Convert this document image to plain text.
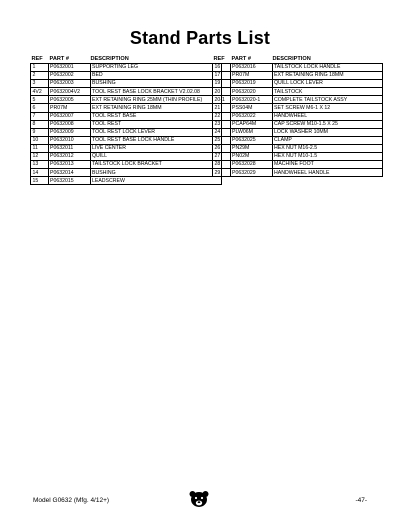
Stand Parts List
REF	PART #	DESCRIPTION
1	P0632001	SUPPORTING LEG
2	P0632002	BED
3	P0632003	BUSHING
4V2	P0632004V2	TOOL REST BASE LOCK BRACKET V2.02.08
5	P0632005	EXT RETAINING RING 25MM (THIN PROFILE)
6	PR07M	EXT RETAINING RING 18MM
7	P0632007	TOOL REST BASE
8	P0632008	TOOL REST
9	P0632009	TOOL REST LOCK LEVER
10	P0632010	TOOL REST BASE LOCK HANDLE
11	P0632011	LIVE CENTER
12	P0632012	QUILL
13	P0632013	TAILSTOCK LOCK BRACKET
14	P0632014	BUSHING
15	P0632015	LEADSCREW
REF	PART #	DESCRIPTION
16	P0632016	TAILSTOCK LOCK HANDLE
17	PR07M	EXT RETAINING RING 18MM
19	P0632019	QUILL LOCK LEVER
20	P0632020	TAILSTOCK
20-1	P0632020-1	COMPLETE TAILSTOCK ASSY
21	PSS04M	SET SCREW M6-1 X 12
22	P0632022	HANDWHEEL
23	PCAP64M	CAP SCREW M10-1.5 X 25
24	PLW06M	LOCK WASHER 10MM
25	P0632025	CLAMP
26	PN29M	HEX NUT M16-2.5
27	PN02M	HEX NUT M10-1.5
28	P0632028	MACHINE FOOT
29	P0632029	HANDWHEEL HANDLE
Model G0632 (Mfg. 4/12+)	-47-
